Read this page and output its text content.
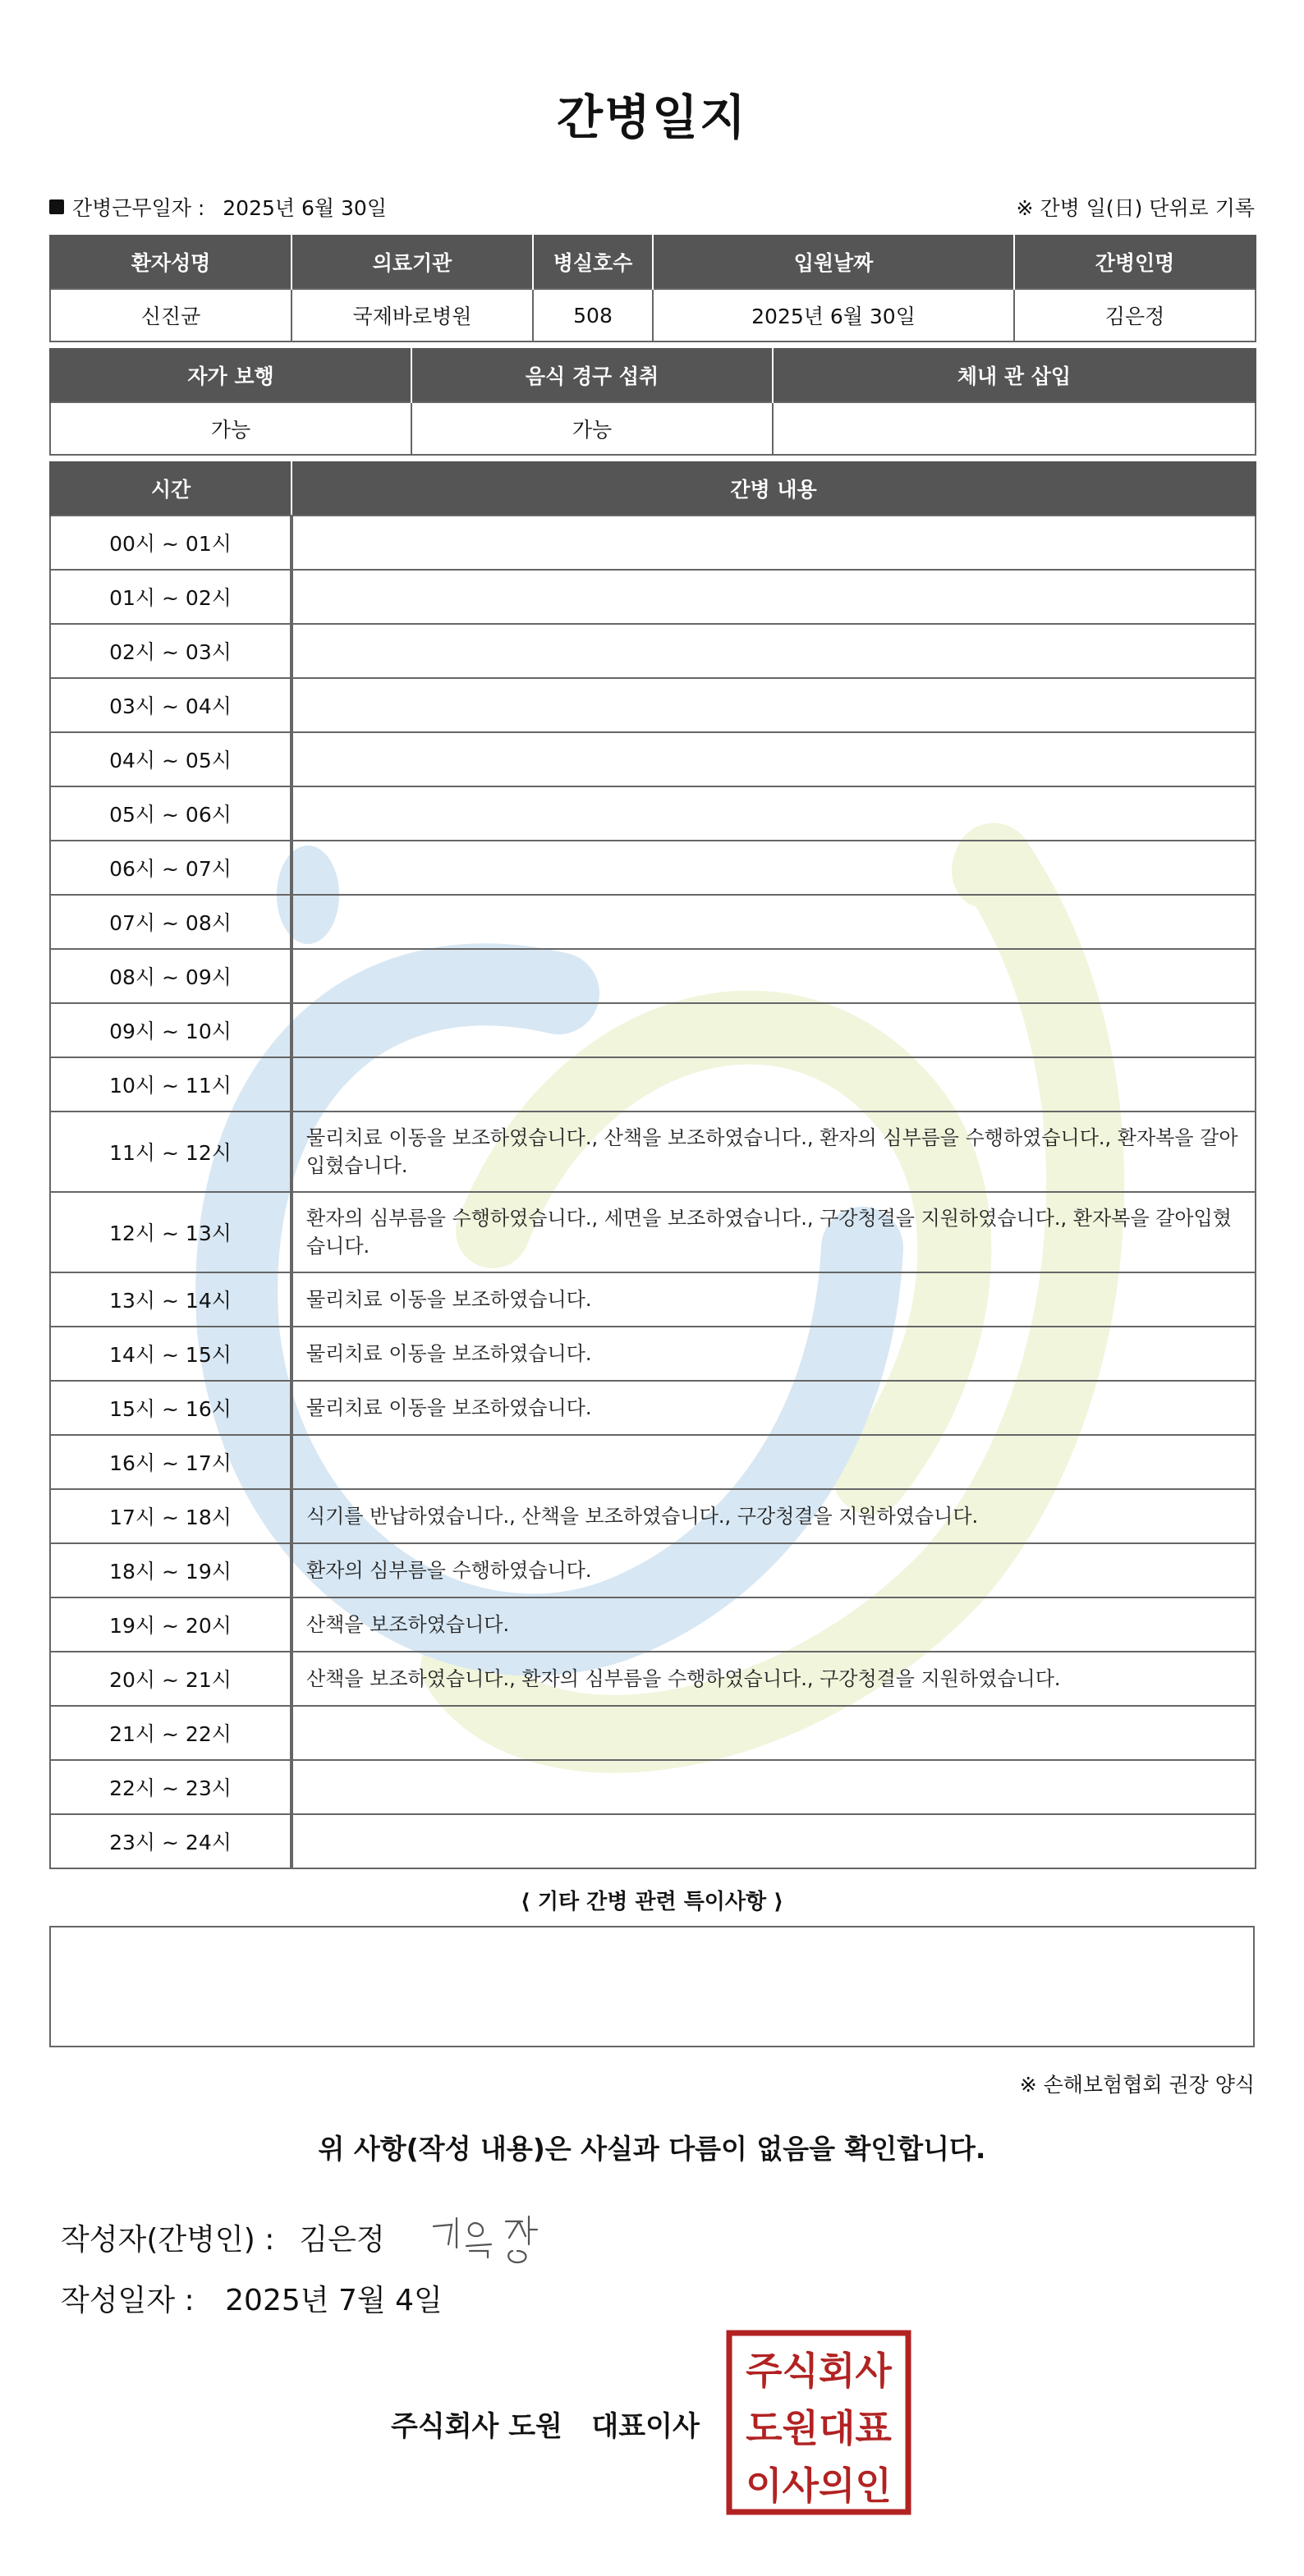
간병일지
간병근무일자 : 2025년 6월 30일	※ 간병 일(日) 단위로 기록
환자성명	의료기관	병실호수	입원날짜	간병인명
신진균	국제바로병원	508	2025년 6월 30일	김은정
자가 보행	음식 경구 섭취	체내 관 삽입
가능	가능	
시간	간병 내용
00시 ~ 01시	
01시 ~ 02시	
02시 ~ 03시	
03시 ~ 04시	
04시 ~ 05시	
05시 ~ 06시	
06시 ~ 07시	
07시 ~ 08시	
08시 ~ 09시	
09시 ~ 10시	
10시 ~ 11시	
11시 ~ 12시	물리치료 이동을 보조하였습니다., 산책을 보조하였습니다., 환자의 심부름을 수행하였습니다., 환자복을 갈아입혔습니다.
12시 ~ 13시	환자의 심부름을 수행하였습니다., 세면을 보조하였습니다., 구강청결을 지원하였습니다., 환자복을 갈아입혔습니다.
13시 ~ 14시	물리치료 이동을 보조하였습니다.
14시 ~ 15시	물리치료 이동을 보조하였습니다.
15시 ~ 16시	물리치료 이동을 보조하였습니다.
16시 ~ 17시	
17시 ~ 18시	식기를 반납하였습니다., 산책을 보조하였습니다., 구강청결을 지원하였습니다.
18시 ~ 19시	환자의 심부름을 수행하였습니다.
19시 ~ 20시	산책을 보조하였습니다.
20시 ~ 21시	산책을 보조하였습니다., 환자의 심부름을 수행하였습니다., 구강청결을 지원하였습니다.
21시 ~ 22시	
22시 ~ 23시	
23시 ~ 24시	
⟨ 기타 간병 관련 특이사항 ⟩
※ 손해보험협회 권장 양식
위 사항(작성 내용)은 사실과 다름이 없음을 확인합니다.
작성자(간병인) : 김은정
작성일자 : 2025년 7월 4일
주식회사 도원   대표이사
주식회사
도원대표
이사의인
